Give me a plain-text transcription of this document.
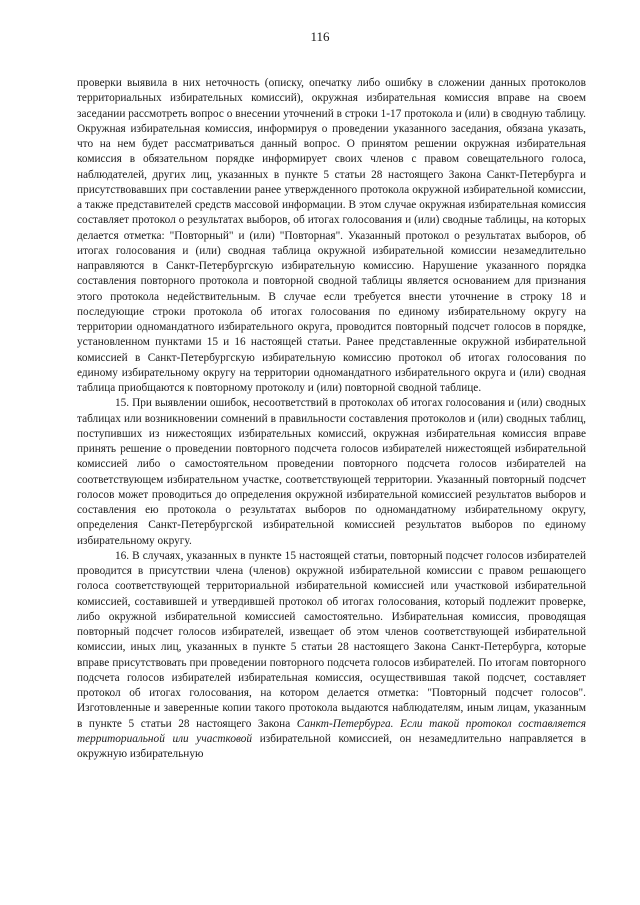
116

проверки выявила в них неточность (описку, опечатку либо ошибку в сложении данных протоколов территориальных избирательных комиссий), окружная избирательная комиссия вправе на своем заседании рассмотреть вопрос о внесении уточнений в строки 1-17 протокола и (или) в сводную таблицу. Окружная избирательная комиссия, информируя о проведении указанного заседания, обязана указать, что на нем будет рассматриваться данный вопрос. О принятом решении окружная избирательная комиссия в обязательном порядке информирует своих членов с правом совещательного голоса, наблюдателей, других лиц, указанных в пункте 5 статьи 28 настоящего Закона Санкт-Петербурга и присутствовавших при составлении ранее утвержденного протокола окружной избирательной комиссии, а также представителей средств массовой информации. В этом случае окружная избирательная комиссия составляет протокол о результатах выборов, об итогах голосования и (или) сводные таблицы, на которых делается отметка: "Повторный" и (или) "Повторная". Указанный протокол о результатах выборов, об итогах голосования и (или) сводная таблица окружной избирательной комиссии незамедлительно направляются в Санкт-Петербургскую избирательную комиссию. Нарушение указанного порядка составления повторного протокола и повторной сводной таблицы является основанием для признания этого протокола недействительным. В случае если требуется внести уточнение в строку 18 и последующие строки протокола об итогах голосования по единому избирательному округу на территории одномандатного избирательного округа, проводится повторный подсчет голосов в порядке, установленном пунктами 15 и 16 настоящей статьи. Ранее представленные окружной избирательной комиссией в Санкт-Петербургскую избирательную комиссию протокол об итогах голосования по единому избирательному округу на территории одномандатного избирательного округа и (или) сводная таблица приобщаются к повторному протоколу и (или) повторной сводной таблице.

15. При выявлении ошибок, несоответствий в протоколах об итогах голосования и (или) сводных таблицах или возникновении сомнений в правильности составления протоколов и (или) сводных таблиц, поступивших из нижестоящих избирательных комиссий, окружная избирательная комиссия вправе принять решение о проведении повторного подсчета голосов избирателей нижестоящей избирательной комиссией либо о самостоятельном проведении повторного подсчета голосов избирателей на соответствующем избирательном участке, соответствующей территории. Указанный повторный подсчет голосов может проводиться до определения окружной избирательной комиссией результатов выборов и составления ею протокола о результатах выборов по одномандатному избирательному округу, определения Санкт-Петербургской избирательной комиссией результатов выборов по единому избирательному округу.

16. В случаях, указанных в пункте 15 настоящей статьи, повторный подсчет голосов избирателей проводится в присутствии члена (членов) окружной избирательной комиссии с правом решающего голоса соответствующей территориальной избирательной комиссией или участковой избирательной комиссией, составившей и утвердившей протокол об итогах голосования, который подлежит проверке, либо окружной избирательной комиссией самостоятельно. Избирательная комиссия, проводящая повторный подсчет голосов избирателей, извещает об этом членов соответствующей избирательной комиссии, иных лиц, указанных в пункте 5 статьи 28 настоящего Закона Санкт-Петербурга, которые вправе присутствовать при проведении повторного подсчета голосов избирателей. По итогам повторного подсчета голосов избирателей избирательная комиссия, осуществившая такой подсчет, составляет протокол об итогах голосования, на котором делается отметка: "Повторный подсчет голосов". Изготовленные и заверенные копии такого протокола выдаются наблюдателям, иным лицам, указанным в пункте 5 статьи 28 настоящего Закона Санкт-Петербурга. Если такой протокол составляется территориальной или участковой избирательной комиссией, он незамедлительно направляется в окружную избирательную
